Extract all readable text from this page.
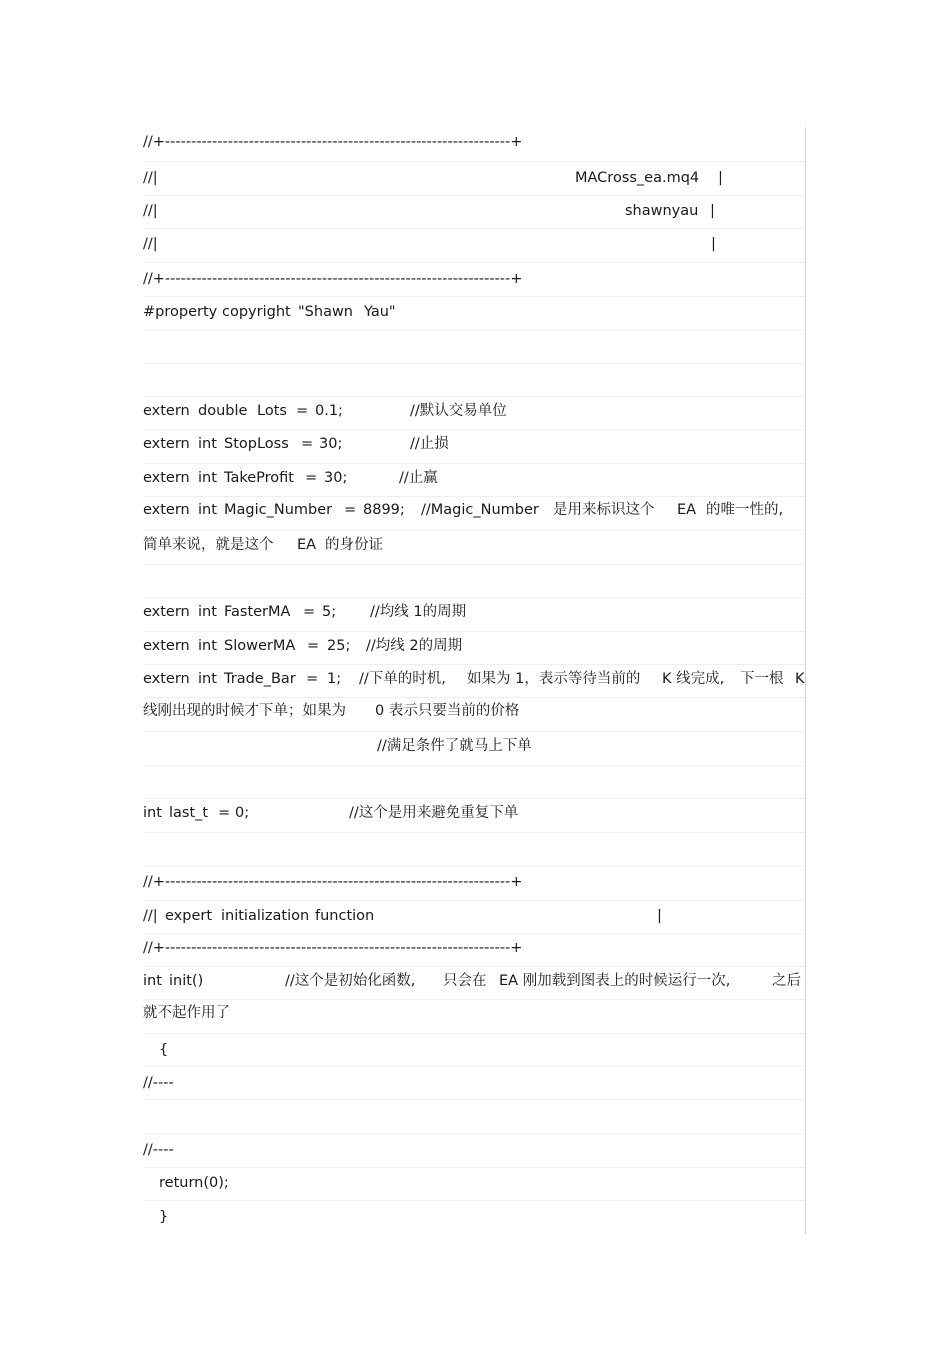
//+------------------------------------------------------------------+
//|	MACross_ea.mq4 |
//|	shawnyau |
//|	|
//+------------------------------------------------------------------+
#property copyright "Shawn Yau"
extern double Lots = 0.1;	//默认交易单位
extern int StopLoss = 30;	//止损
extern int TakeProfit = 30;	//止赢
extern int Magic_Number = 8899; //Magic_Number 是用来标识这个 EA 的唯一性的,
简单来说，就是这个 EA 的身份证
extern int FasterMA = 5; //均线 1的周期
extern int SlowerMA = 25; //均线 2的周期
extern int Trade_Bar = 1; //下单的时机, 如果为 1，表示等待当前的 K 线完成, 下一根 K
线刚出现的时候才下单；如果为 0 表示只要当前的价格
//满足条件了就马上下单
int last_t = 0;	//这个是用来避免重复下单
//+------------------------------------------------------------------+
//| expert initialization function	|
//+------------------------------------------------------------------+
int init()	//这个是初始化函数, 只会在 EA 刚加载到图表上的时候运行一次,	之后
就不起作用了
{
//----
//----
return(0);
}
